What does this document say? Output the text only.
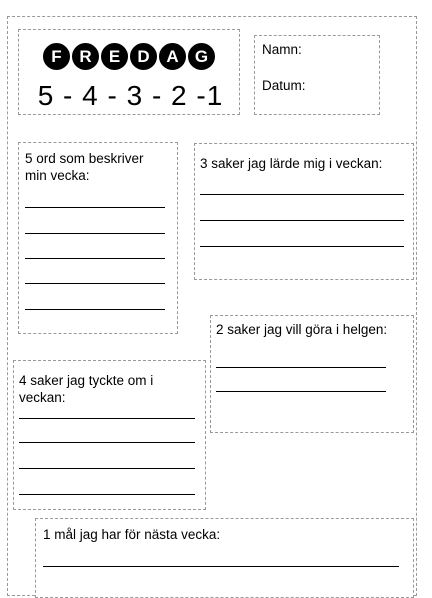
F	R	E	D A G
5 - 4 - 3 - 2 -1
Namn:
Datum:
5 ord som beskriver
min vecka:
3 saker jag lärde mig i veckan:
2 saker jag vill göra i helgen:
4 saker jag tyckte om i
veckan:
1 mål jag har för nästa vecka:
